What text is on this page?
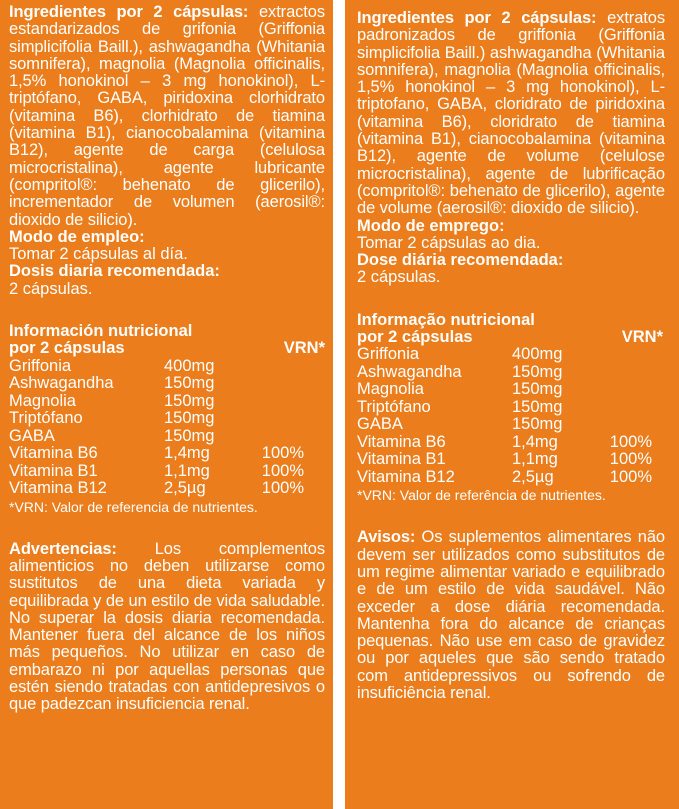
Ingredientes por 2 cápsulas: extractos estandarizados de grifonia (Griffonia simplicifolia Baill.), ashwagandha (Whitania somnifera), magnolia (Magnolia officinalis, 1,5% honokinol – 3 mg honokinol), L-triptófano, GABA, piridoxina clorhidrato (vitamina B6), clorhidrato de tiamina (vitamina B1), cianocobalamina (vitamina B12), agente de carga (celulosa microcristalina), agente lubricante (compritol®: behenato de glicerilo), incrementador de volumen (aerosil®: dioxido de silicio).

Modo de empleo:

Tomar 2 cápsulas al día.

Dosis diaria recomendada:

2 cápsulas.

Información nutricional

por 2 cápsulas	VRN*
Griffonia	400mg	
Ashwagandha	150mg	
Magnolia	150mg	
Triptófano	150mg	
GABA	150mg	
Vitamina B6	1,4mg	100%
Vitamina B1	1,1mg	100%
Vitamina B12	2,5µg	100%

*VRN: Valor de referencia de nutrientes.

Advertencias: Los complementos alimenticios no deben utilizarse como sustitutos de una dieta variada y equilibrada y de un estilo de vida saludable. No superar la dosis diaria recomendada. Mantener fuera del alcance de los niños más pequeños. No utilizar en caso de embarazo ni por aquellas personas que estén siendo tratadas con antidepresivos o que padezcan insuficiencia renal.

Ingredientes por 2 cápsulas: extratos padronizados de griffonia (Griffonia simplicifolia Baill.) ashwagandha (Whitania somnifera), magnolia (Magnolia officinalis, 1,5% honokinol – 3 mg honokinol), L-triptofano, GABA, cloridrato de piridoxina (vitamina B6), cloridrato de tiamina (vitamina B1), cianocobalamina (vitamina B12), agente de volume (celulose microcristalina), agente de lubrificação (compritol®: behenato de glicerilo), agente de volume (aerosil®: dioxido de silicio).

Modo de emprego:

Tomar 2 cápsulas ao dia.

Dose diária recomendada:

2 cápsulas.

Informação nutricional

por 2 cápsulas	VRN*
Griffonia	400mg	
Ashwagandha	150mg	
Magnolia	150mg	
Triptófano	150mg	
GABA	150mg	
Vitamina B6	1,4mg	100%
Vitamina B1	1,1mg	100%
Vitamina B12	2,5µg	100%

*VRN: Valor de referência de nutrientes.

Avisos: Os suplementos alimentares não devem ser utilizados como substitutos de um regime alimentar variado e equilibrado e de um estilo de vida saudável. Não exceder a dose diária recomendada. Mantenha fora do alcance de crianças pequenas. Não use em caso de gravidez ou por aqueles que são sendo tratado com antidepressivos ou sofrendo de insuficiência renal.
